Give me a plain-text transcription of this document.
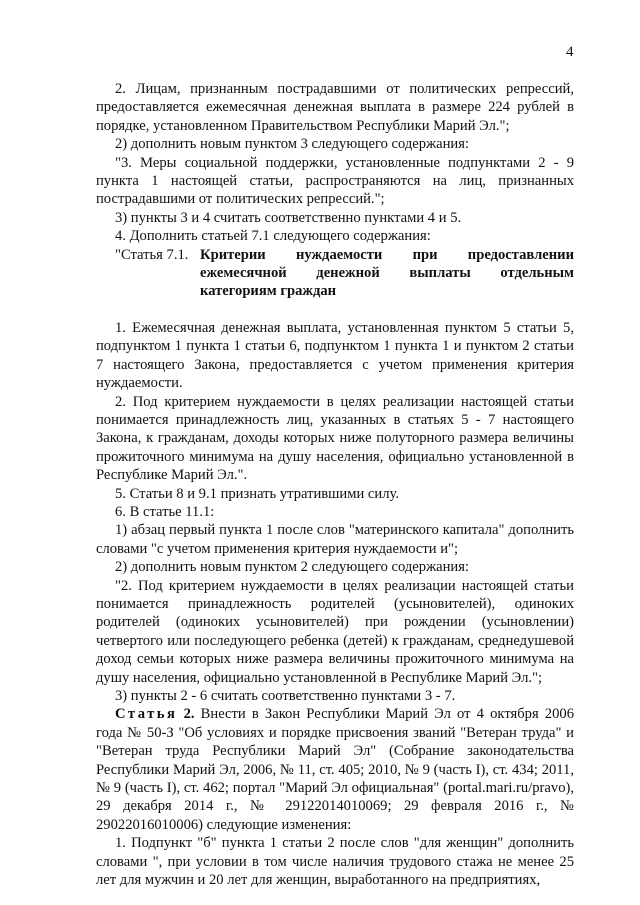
4

2. Лицам, признанным пострадавшими от политических репрессий, предоставляется ежемесячная денежная выплата в размере 224 рублей в порядке, установленном Правительством Республики Марий Эл.";

2) дополнить новым пунктом 3 следующего содержания:

"3. Меры социальной поддержки, установленные подпунктами 2 - 9 пункта 1 настоящей статьи, распространяются на лиц, признанных пострадавшими от политических репрессий.";

3) пункты 3 и 4 считать соответственно пунктами 4 и 5.

4. Дополнить статьей 7.1 следующего содержания:

"Статья 7.1. Критерии нуждаемости при предоставлении ежемесячной денежной выплаты отдельным категориям граждан

1. Ежемесячная денежная выплата, установленная пунктом 5 статьи 5, подпунктом 1 пункта 1 статьи 6, подпунктом 1 пункта 1 и пунктом 2 статьи 7 настоящего Закона, предоставляется с учетом применения критерия нуждаемости.

2. Под критерием нуждаемости в целях реализации настоящей статьи понимается принадлежность лиц, указанных в статьях 5 - 7 настоящего Закона, к гражданам, доходы которых ниже полуторного размера величины прожиточного минимума на душу населения, официально установленной в Республике Марий Эл.".

5. Статьи 8 и 9.1 признать утратившими силу.

6. В статье 11.1:

1) абзац первый пункта 1 после слов "материнского капитала" дополнить словами "с учетом применения критерия нуждаемости и";

2) дополнить новым пунктом 2 следующего содержания:

"2. Под критерием нуждаемости в целях реализации настоящей статьи понимается принадлежность родителей (усыновителей), одиноких родителей (одиноких усыновителей) при рождении (усыновлении) четвертого или последующего ребенка (детей) к гражданам, среднедушевой доход семьи которых ниже размера величины прожиточного минимума на душу населения, официально установленной в Республике Марий Эл.";

3) пункты 2 - 6 считать соответственно пунктами 3 - 7.

Статья 2. Внести в Закон Республики Марий Эл от 4 октября 2006 года № 50-З "Об условиях и порядке присвоения званий "Ветеран труда" и "Ветеран труда Республики Марий Эл" (Собрание законодательства Республики Марий Эл, 2006, № 11, ст. 405; 2010, № 9 (часть I), ст. 434; 2011, № 9 (часть I), ст. 462; портал "Марий Эл официальная" (portal.mari.ru/pravo), 29 декабря 2014 г., № 29122014010069; 29 февраля 2016 г., № 29022016010006) следующие изменения:

1. Подпункт "б" пункта 1 статьи 2 после слов "для женщин" дополнить словами ", при условии в том числе наличия трудового стажа не менее 25 лет для мужчин и 20 лет для женщин, выработанного на предприятиях,
